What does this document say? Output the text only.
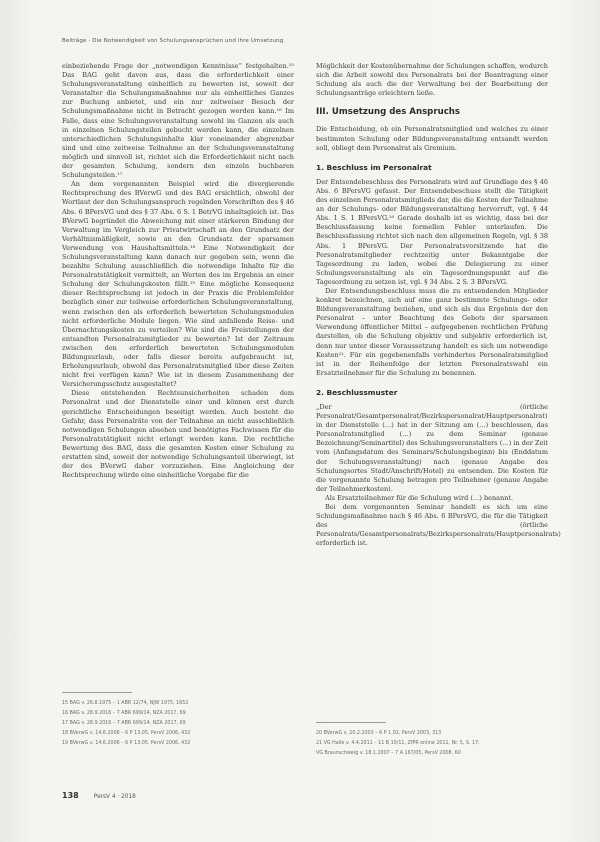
Beiträge · Die Notwendigkeit von Schulungsansprüchen und ihre Umsetzung

einbeziehende Frage der „notwendigen Kenntnisse“ festgehalten.¹⁵ Das BAG geht davon aus, dass die erforderlichkeit einer Schulungsveranstaltung einheitlich zu bewerten ist, soweit der Veranstalter die Schulungsmaßnahme nur als einheitliches Ganzes zur Buchung anbietet, und ein nur zeitweiser Besuch der Schulungsmaßnahme nicht in Betracht gezogen werden kann.¹⁶ Im Falle, dass eine Schulungsveranstaltung sowohl im Ganzen als auch in einzelnen Schulungsteilen gebucht werden kann, die einzelnen unterschiedlichen Schulungsinhalte klar voneinander abgrenzbar sind und eine zeitweise Teilnahme an der Schulungsveranstaltung möglich und sinnvoll ist, richtet sich die Erforderlichkeit nicht nach der gesamten Schulung, sondern den einzeln buchbaren Schulungsteilen.¹⁷

An dem vorgenannten Beispiel wird die divergierende Rechtsprechung des BVerwG und des BAG ersichtlich, obwohl der Wortlaut der den Schulungsanspruch regelnden Vorschriften des § 46 Abs. 6 BPersVG und des § 37 Abs. 6 S. 1 BetrVG inhaltsgleich ist. Das BVerwG begründet die Abweichung mit einer stärkeren Bindung der Verwaltung im Vergleich zur Privatwirtschaft an den Grundsatz der Verhältnismäßigkeit, sowie an den Grundsatz der sparsamen Verwendung von Haushaltsmitteln.¹⁸ Eine Notwendigkeit der Schulungsveranstaltung kann danach nur gegeben sein, wenn die bezahlte Schulung ausschließlich die notwendige Inhalte für die Personalratstätigkeit vermittelt, an Werten des im Ergebnis an einer Schulung der Schulungskosten fällt.¹⁹ Eine mögliche Konsequenz dieser Rechtsprechung ist jedoch in der Praxis die Problemfelder bezüglich einer zur teilweise erforderlichen Schulungsveranstaltung, wenn zwischen den als erforderlich bewerteten Schulungsmodulen nicht erforderliche Module liegen. Wie sind anfallende Reise- und Übernachtungskosten zu verteilen? Wie sind die Freistellungen der entsandten Personalratsmitglieder zu bewerten? Ist der Zeitraum zwischen den erforderlich bewerteten Schulungsmodulen Bildungsurlaub, oder falls dieser bereits aufgebraucht ist, Erholungsurlaub, obwohl das Personalratsmitglied über diese Zeiten nicht frei verfügen kann? Wie ist in diesem Zusammenhang der Versicherungsschutz ausgestaltet?

Diese entstehenden Rechtsunsicherheiten schaden dem Personalrat und der Dienststelle einer und können erst durch gerichtliche Entscheidungen beseitigt werden. Auch besteht die Gefahr, dass Personalräte von der Teilnahme an nicht ausschließlich notwendigen Schulungen absehen und benötigtes Fachwissen für die Personalratstätigkeit nicht erlangt werden kann. Die rechtliche Bewertung des BAG, dass die gesamten Kosten einer Schulung zu erstatten sind, soweit der notwendige Schulungsanteil überwiegt, ist der des BVerwG daher vorzuziehen. Eine Angleichung der Rechtsprechung würde eine einheitliche Vorgabe für die

Möglichkeit der Kostenübernahme der Schulungen schaffen, wodurch sich die Arbeit sowohl des Personalrats bei der Beantragung einer Schulung als auch die der Verwaltung bei der Bearbeitung der Schulungsanträge erleichtern ließe.

III. Umsetzung des Anspruchs

Die Entscheidung, ob ein Personalratsmitglied und welches zu einer bestimmten Schulung oder Bildungsveranstaltung entsandt werden soll, obliegt dem Personalrat als Gremium.

1. Beschluss im Personalrat

Der Entsendebeschluss des Personalrats wird auf Grundlage des § 46 Abs. 6 BPersVG gefasst. Der Entsendebeschuss stellt die Tätigkeit des einzelnen Personalratsmitglieds dar, die die Kosten der Teilnahme an der Schulungs- oder Bildungsveranstaltung hervorruft, vgl. § 44 Abs. 1 S. 1 BPersVG.²⁰ Gerade deshalb ist es wichtig, dass bei der Beschlussfassung keine formellen Fehler unterlaufen. Die Beschlussfassung richtet sich nach den allgemeinen Regeln, vgl. § 38 Abs. 1 BPersVG. Der Personalratsvorsitzende hat die Personalratsmitglieder rechtzeitig unter Bekanntgabe der Tagesordnung zu laden, wobei die Delegierung zu einer Schulungsveranstaltung als ein Tagesordnungspunkt auf die Tagesordnung zu setzen ist, vgl. § 34 Abs. 2 S. 3 BPersVG.

Der Entsendungsbeschluss muss die zu entsendenden Mitglieder konkret bezeichnen, sich auf eine ganz bestimmte Schulungs- oder Bildungsveranstaltung beziehen, und sich als das Ergebnis der den Personalrat – unter Beachtung des Gebots der sparsamen Verwendung öffentlicher Mittel – aufgegebenen rechtlichen Prüfung darstellen, ob die Schulung objektiv und subjektiv erforderlich ist, denn nur unter dieser Voraussetzung handelt es sich um notwendige Kosten²¹. Für ein gegebenenfalls verhindertes Personalratsmitglied ist in der Reihenfolge der letzten Personalratswahl ein Ersatzteilnehmer für die Schulung zu benennen.

2. Beschlussmuster

„Der (örtliche Personalrat/Gesamtpersonalrat/Bezirkspersonalrat/Hauptpersonalrat) in der Dienststelle (…) hat in der Sitzung am (…) beschlossen, das Personalratsmitglied (…) zu dem Seminar (genaue Bezeichnung/Seminartitel) des Schulungsveranstalters (…) in der Zeit vom (Anfangsdatum des Seminars/Schulungsbeginn) bis (Enddatum der Schulungsveranstaltung) nach (genaue Angabe des Schulungsortes Stadt/Anschrift/Hotel) zu entsenden. Die Kosten für die vorgenannte Schulung betragen pro Teilnehmer (genaue Angabe der Teilnehmerkosten).

Als Ersatzteilnehmer für die Schulung wird (…) benannt.

Bei dem vorgenannten Seminar handelt es sich um eine Schulungsmaßnahme nach § 46 Abs. 6 BPersVG, die für die Tätigkeit des (örtliche Personalrats/Gesamtpersonalrats/Bezirkspersonalrats/Hauptpersonalrats) erforderlich ist.

15 BAG v. 26.8.1975 – 1 ABR 12/74, NJW 1975, 1652
16 BAG v. 28.9.2016 – 7 ABR 699/14, NZA 2017, 69
17 BAG v. 28.9.2016 – 7 ABR 699/14, NZA 2017, 69
18 BVerwG v. 14.6.2006 – 6 P 13.05, PersV 2006, 432
19 BVerwG v. 14.6.2006 – 6 P 13.05, PersV 2006, 432
20 BVerwG v. 20.2.2003 – 6 P 1.02, PersV 2003, 313
21 VG Halle v. 4.4.2011 – 11 B 10/11, ZfPR online 2011, Nr. 5, S. 17;
VG Braunschweig v. 18.1.2007 – 7 A 167/05, PersV 2008, 60
138	PersV 4 · 2018
